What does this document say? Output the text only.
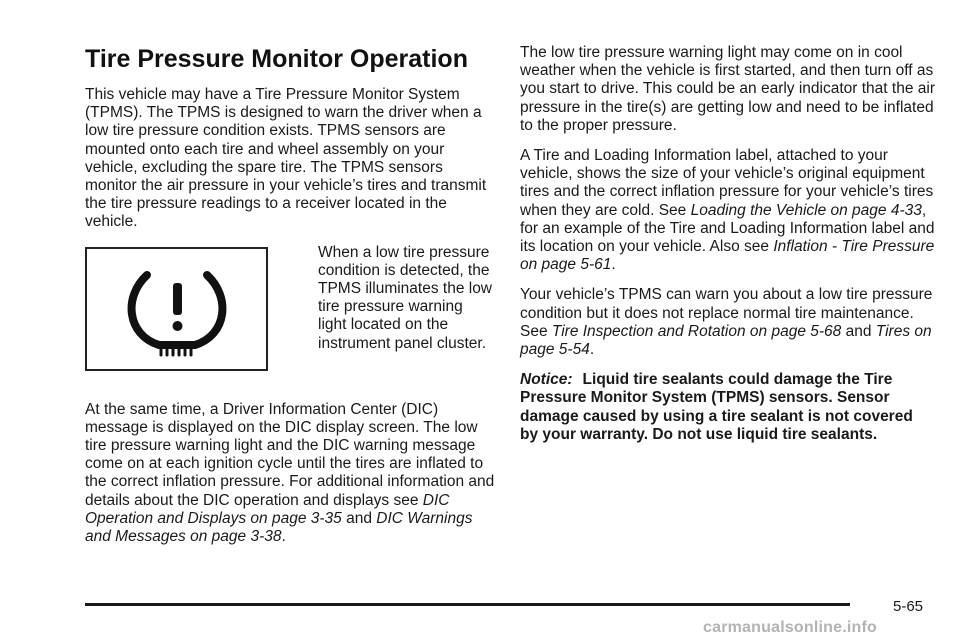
Tire Pressure Monitor Operation

This vehicle may have a Tire Pressure Monitor System (TPMS). The TPMS is designed to warn the driver when a low tire pressure condition exists. TPMS sensors are mounted onto each tire and wheel assembly on your vehicle, excluding the spare tire. The TPMS sensors monitor the air pressure in your vehicle’s tires and transmit the tire pressure readings to a receiver located in the vehicle.

When a low tire pressure condition is detected, the TPMS illuminates the low tire pressure warning light located on the instrument panel cluster.

At the same time, a Driver Information Center (DIC) message is displayed on the DIC display screen. The low tire pressure warning light and the DIC warning message come on at each ignition cycle until the tires are inflated to the correct inflation pressure. For additional information and details about the DIC operation and displays see DIC Operation and Displays on page 3-35 and DIC Warnings and Messages on page 3-38.

The low tire pressure warning light may come on in cool weather when the vehicle is first started, and then turn off as you start to drive. This could be an early indicator that the air pressure in the tire(s) are getting low and need to be inflated to the proper pressure.

A Tire and Loading Information label, attached to your vehicle, shows the size of your vehicle’s original equipment tires and the correct inflation pressure for your vehicle’s tires when they are cold. See Loading the Vehicle on page 4-33, for an example of the Tire and Loading Information label and its location on your vehicle. Also see Inflation - Tire Pressure on page 5-61.

Your vehicle’s TPMS can warn you about a low tire pressure condition but it does not replace normal tire maintenance. See Tire Inspection and Rotation on page 5-68 and Tires on page 5-54.

Notice: Liquid tire sealants could damage the Tire Pressure Monitor System (TPMS) sensors. Sensor damage caused by using a tire sealant is not covered by your warranty. Do not use liquid tire sealants.

5-65
carmanualsonline.info
